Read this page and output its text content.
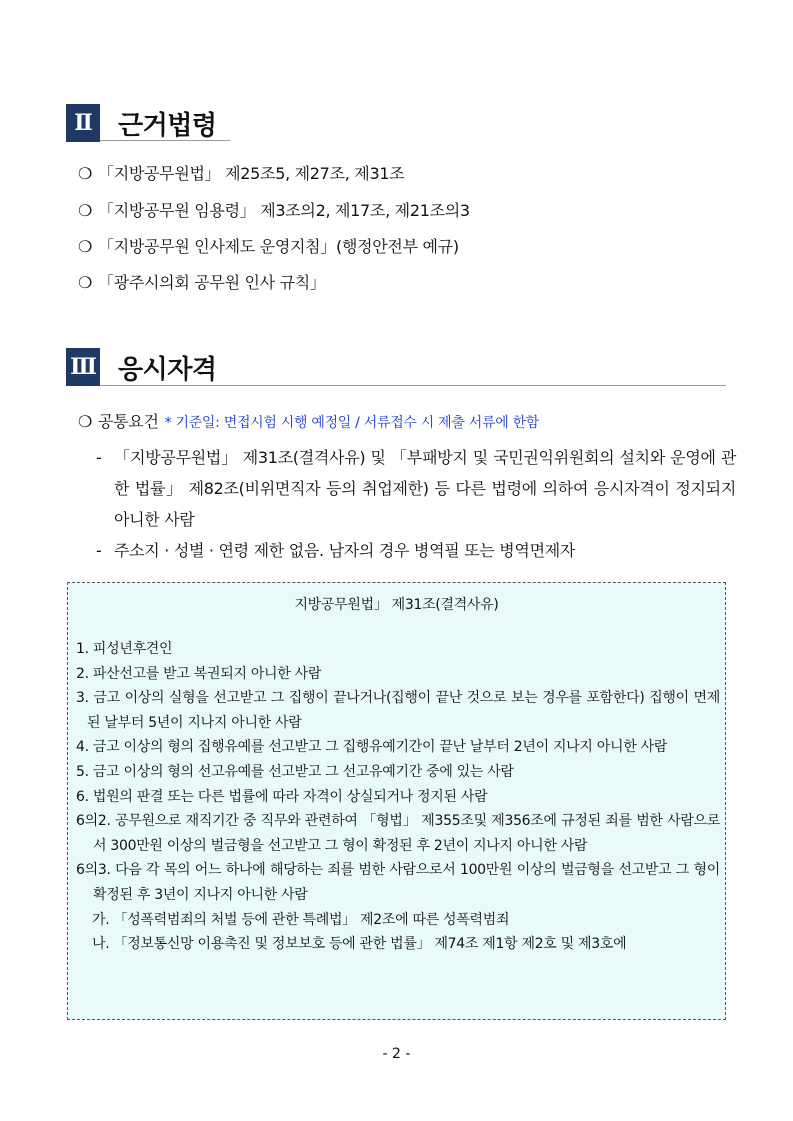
Ⅱ	근거법령
❍ 「지방공무원법」 제25조5, 제27조, 제31조
❍ 「지방공무원 임용령」 제3조의2, 제17조, 제21조의3
❍ 「지방공무원 인사제도 운영지침」(행정안전부 예규)
❍ 「광주시의회 공무원 인사 규칙」
Ⅲ 응시자격
❍ 공통요건 * 기준일: 면접시험 시행 예정일 / 서류접수 시 제출 서류에 한함
- 「지방공무원법」 제31조(결격사유) 및 「부패방지 및 국민권익위원회의 설치와 운영에 관한 법률」 제82조(비위면직자 등의 취업제한) 등 다른 법령에 의하여 응시자격이 정지되지 아니한 사람
- 주소지 · 성별 · 연령 제한 없음. 남자의 경우 병역필 또는 병역면제자
지방공무원법」 제31조(결격사유)
1. 피성년후견인
2. 파산선고를 받고 복권되지 아니한 사람
3. 금고 이상의 실형을 선고받고 그 집행이 끝나거나(집행이 끝난 것으로 보는 경우를 포함한다) 집행이 면제된 날부터 5년이 지나지 아니한 사람
4. 금고 이상의 형의 집행유예를 선고받고 그 집행유예기간이 끝난 날부터 2년이 지나지 아니한 사람
5. 금고 이상의 형의 선고유예를 선고받고 그 선고유예기간 중에 있는 사람
6. 법원의 판결 또는 다른 법률에 따라 자격이 상실되거나 정지된 사람
6의2. 공무원으로 재직기간 중 직무와 관련하여 「형법」 제355조및 제356조에 규정된 죄를 범한 사람으로서 300만원 이상의 벌금형을 선고받고 그 형이 확정된 후 2년이 지나지 아니한 사람
6의3. 다음 각 목의 어느 하나에 해당하는 죄를 범한 사람으로서 100만원 이상의 벌금형을 선고받고 그 형이 확정된 후 3년이 지나지 아니한 사람
가. 「성폭력범죄의 처벌 등에 관한 특례법」 제2조에 따른 성폭력범죄
나. 「정보통신망 이용촉진 및 정보보호 등에 관한 법률」 제74조 제1항 제2호 및 제3호에
- 2 -
